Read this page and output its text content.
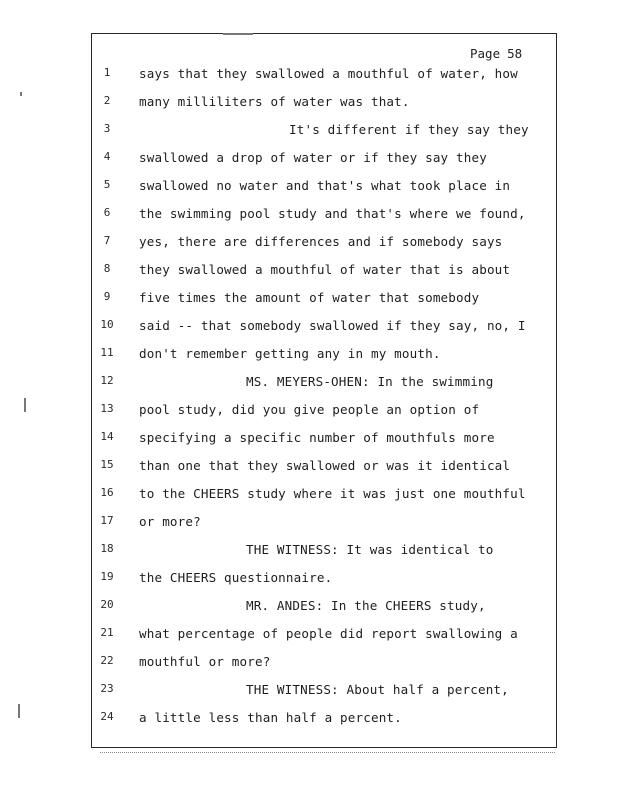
Page 58
1
2
3
4
5
6
7
8
9
10
11
12
13
14
15
16
17
18
19
20
21
22
23
24
says that they swallowed a mouthful of water, how
many milliliters of water was that.
It's different if they say they
swallowed a drop of water or if they say they
swallowed no water and that's what took place in
the swimming pool study and that's where we found,
yes, there are differences and if somebody says
they swallowed a mouthful of water that is about
five times the amount of water that somebody
said -- that somebody swallowed if they say, no, I
don't remember getting any in my mouth.
MS. MEYERS-OHEN: In the swimming
pool study, did you give people an option of
specifying a specific number of mouthfuls more
than one that they swallowed or was it identical
to the CHEERS study where it was just one mouthful
or more?
THE WITNESS: It was identical to
the CHEERS questionnaire.
MR. ANDES: In the CHEERS study,
what percentage of people did report swallowing a
mouthful or more?
THE WITNESS: About half a percent,
a little less than half a percent.
